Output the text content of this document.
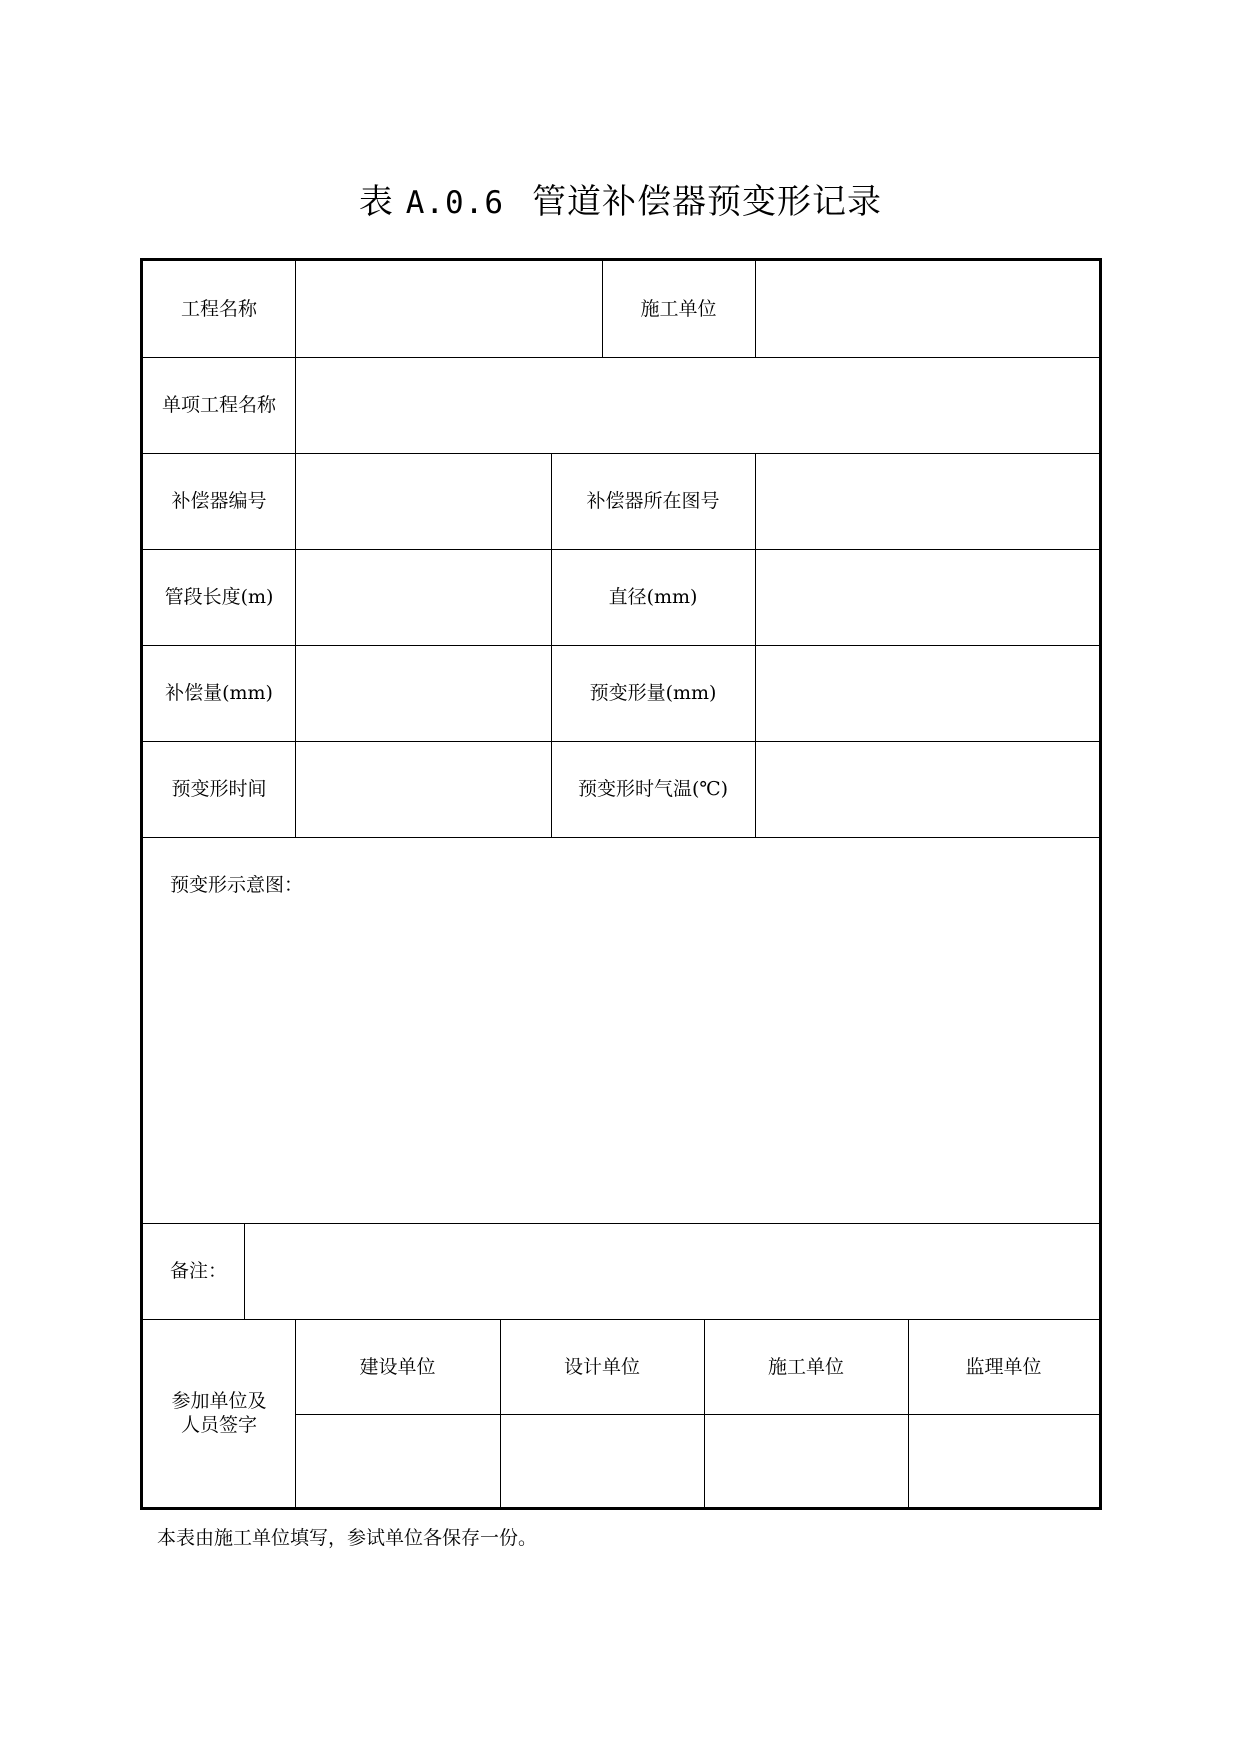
表 A.0.6 管道补偿器预变形记录
工程名称	施工单位
单项工程名称
补偿器编号	补偿器所在图号
管段长度(m)	直径(mm)
补偿量(mm)	预变形量(mm)
预变形时间	预变形时气温(℃)
预变形示意图：
备注：
参加单位及
人员签字
建设单位	设计单位	施工单位	监理单位
本表由施工单位填写，参试单位各保存一份。
